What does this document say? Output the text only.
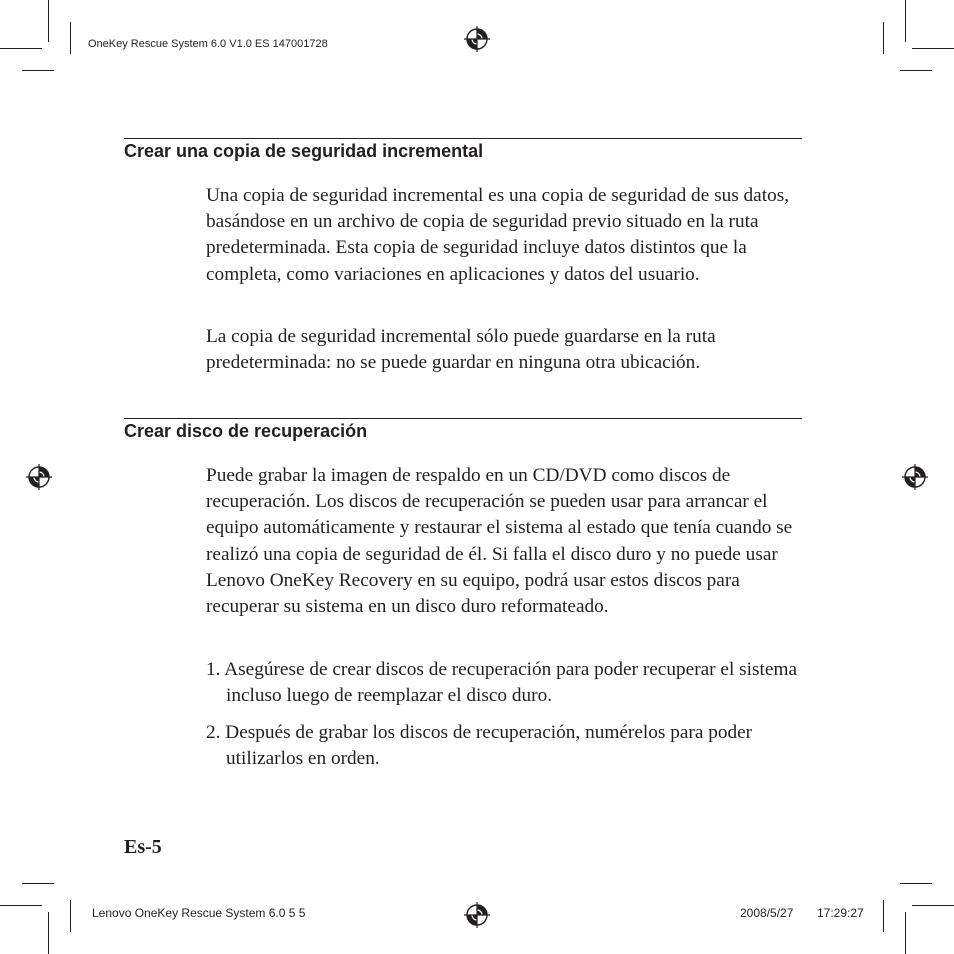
OneKey Rescue System 6.0 V1.0 ES 147001728
Lenovo OneKey Rescue System 6.0 5 5	2008/5/27 17:29:27
Crear una copia de seguridad incremental

Una copia de seguridad incremental es una copia de seguridad de sus datos, basándose en un archivo de copia de seguridad previo situado en la ruta predeterminada. Esta copia de seguridad incluye datos distintos que la completa, como variaciones en aplicaciones y datos del usuario.

La copia de seguridad incremental sólo puede guardarse en la ruta predeterminada: no se puede guardar en ninguna otra ubicación.

Crear disco de recuperación

Puede grabar la imagen de respaldo en un CD/DVD como discos de recuperación. Los discos de recuperación se pueden usar para arrancar el equipo automáticamente y restaurar el sistema al estado que tenía cuando se realizó una copia de seguridad de él. Si falla el disco duro y no puede usar Lenovo OneKey Recovery en su equipo, podrá usar estos discos para recuperar su sistema en un disco duro reformateado.

1. Asegúrese de crear discos de recuperación para poder recuperar el sistema incluso luego de reemplazar el disco duro.

2. Después de grabar los discos de recuperación, numérelos para poder utilizarlos en orden.

Es-5
